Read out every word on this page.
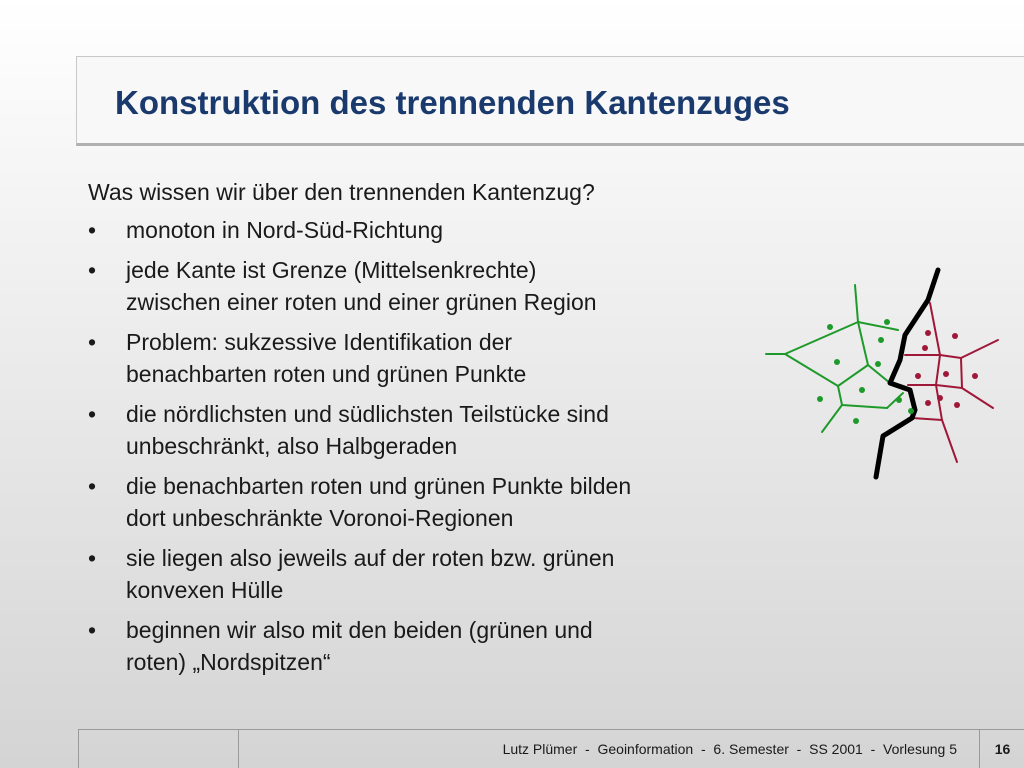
Konstruktion des trennenden Kantenzuges

Was wissen wir über den trennenden Kantenzug?

• monoton in Nord-Süd-Richtung
• jede Kante ist Grenze (Mittelsenkrechte)
zwischen einer roten und einer grünen Region
• Problem: sukzessive Identifikation der
benachbarten roten und grünen Punkte
• die nördlichsten und südlichsten Teilstücke sind
unbeschränkt, also Halbgeraden
• die benachbarten roten und grünen Punkte bilden
dort unbeschränkte Voronoi-Regionen
• sie liegen also jeweils auf der roten bzw. grünen
konvexen Hülle
• beginnen wir also mit den beiden (grünen und
roten) „Nordspitzen“
Lutz Plümer  -  Geoinformation  -  6. Semester  -  SS 2001  -  Vorlesung 5	16
